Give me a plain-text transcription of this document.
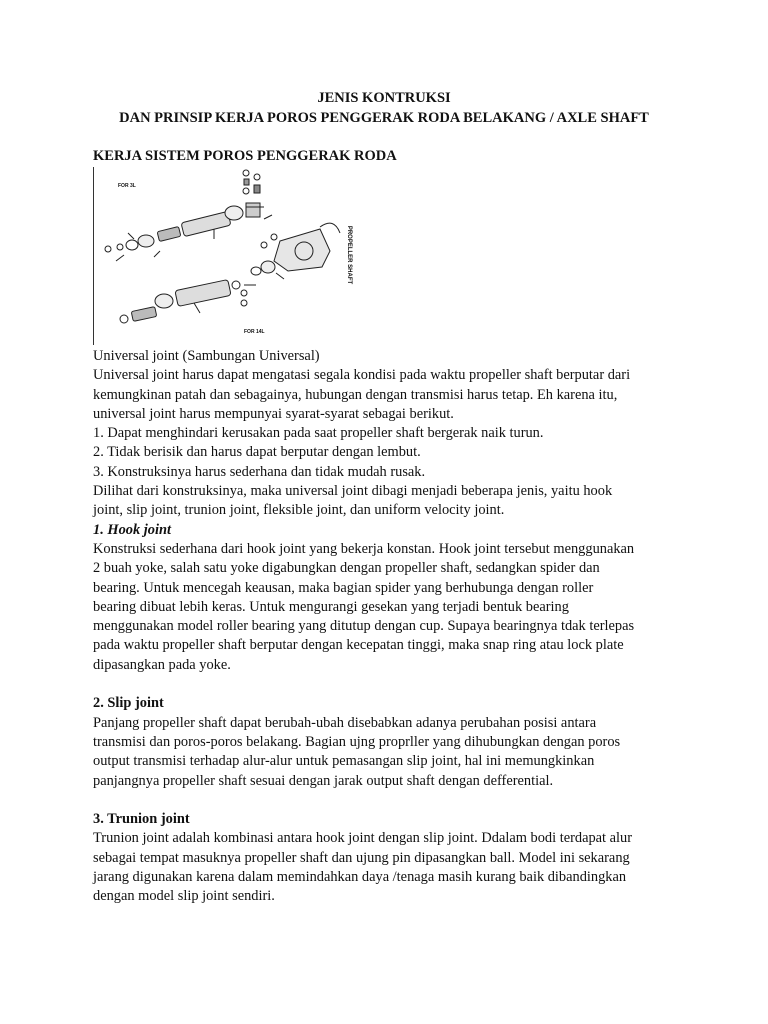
JENIS KONTRUKSI
DAN PRINSIP KERJA POROS PENGGERAK RODA BELAKANG / AXLE SHAFT
KERJA SISTEM POROS PENGGERAK RODA
FOR 3L
FOR 14L
PROPELLER SHAFT
Universal joint (Sambungan Universal)
Universal joint harus dapat mengatasi segala kondisi pada waktu propeller shaft berputar dari
kemungkinan patah dan sebagainya, hubungan dengan transmisi harus tetap. Eh karena itu,
universal joint harus mempunyai syarat-syarat sebagai berikut.
1. Dapat menghindari kerusakan pada saat propeller shaft bergerak naik turun.
2. Tidak berisik dan harus dapat berputar dengan lembut.
3. Konstruksinya harus sederhana dan tidak mudah rusak.
Dilihat dari konstruksinya, maka universal joint dibagi menjadi beberapa jenis, yaitu hook
joint, slip joint, trunion joint, fleksible joint, dan uniform velocity joint.
1. Hook joint
Konstruksi sederhana dari hook joint yang bekerja konstan. Hook joint tersebut menggunakan
2 buah yoke, salah satu yoke digabungkan dengan propeller shaft, sedangkan spider dan
bearing. Untuk mencegah keausan, maka bagian spider yang berhubunga dengan roller
bearing dibuat lebih keras. Untuk mengurangi gesekan yang terjadi bentuk bearing
menggunakan model roller bearing yang ditutup dengan cup. Supaya bearingnya tdak terlepas
pada waktu propeller shaft berputar dengan kecepatan tinggi, maka snap ring atau lock plate
dipasangkan pada yoke.
2. Slip joint
Panjang propeller shaft dapat berubah-ubah disebabkan adanya perubahan posisi antara
transmisi dan poros-poros belakang. Bagian ujng proprller yang dihubungkan dengan poros
output transmisi terhadap alur-alur untuk pemasangan slip joint, hal ini memungkinkan
panjangnya propeller shaft sesuai dengan jarak output shaft dengan defferential.
3. Trunion joint
Trunion joint adalah kombinasi antara hook joint dengan slip joint. Ddalam bodi terdapat alur
sebagai tempat masuknya propeller shaft dan ujung pin dipasangkan ball. Model ini sekarang
jarang digunakan karena dalam memindahkan daya /tenaga masih kurang baik dibandingkan
dengan model slip joint sendiri.
